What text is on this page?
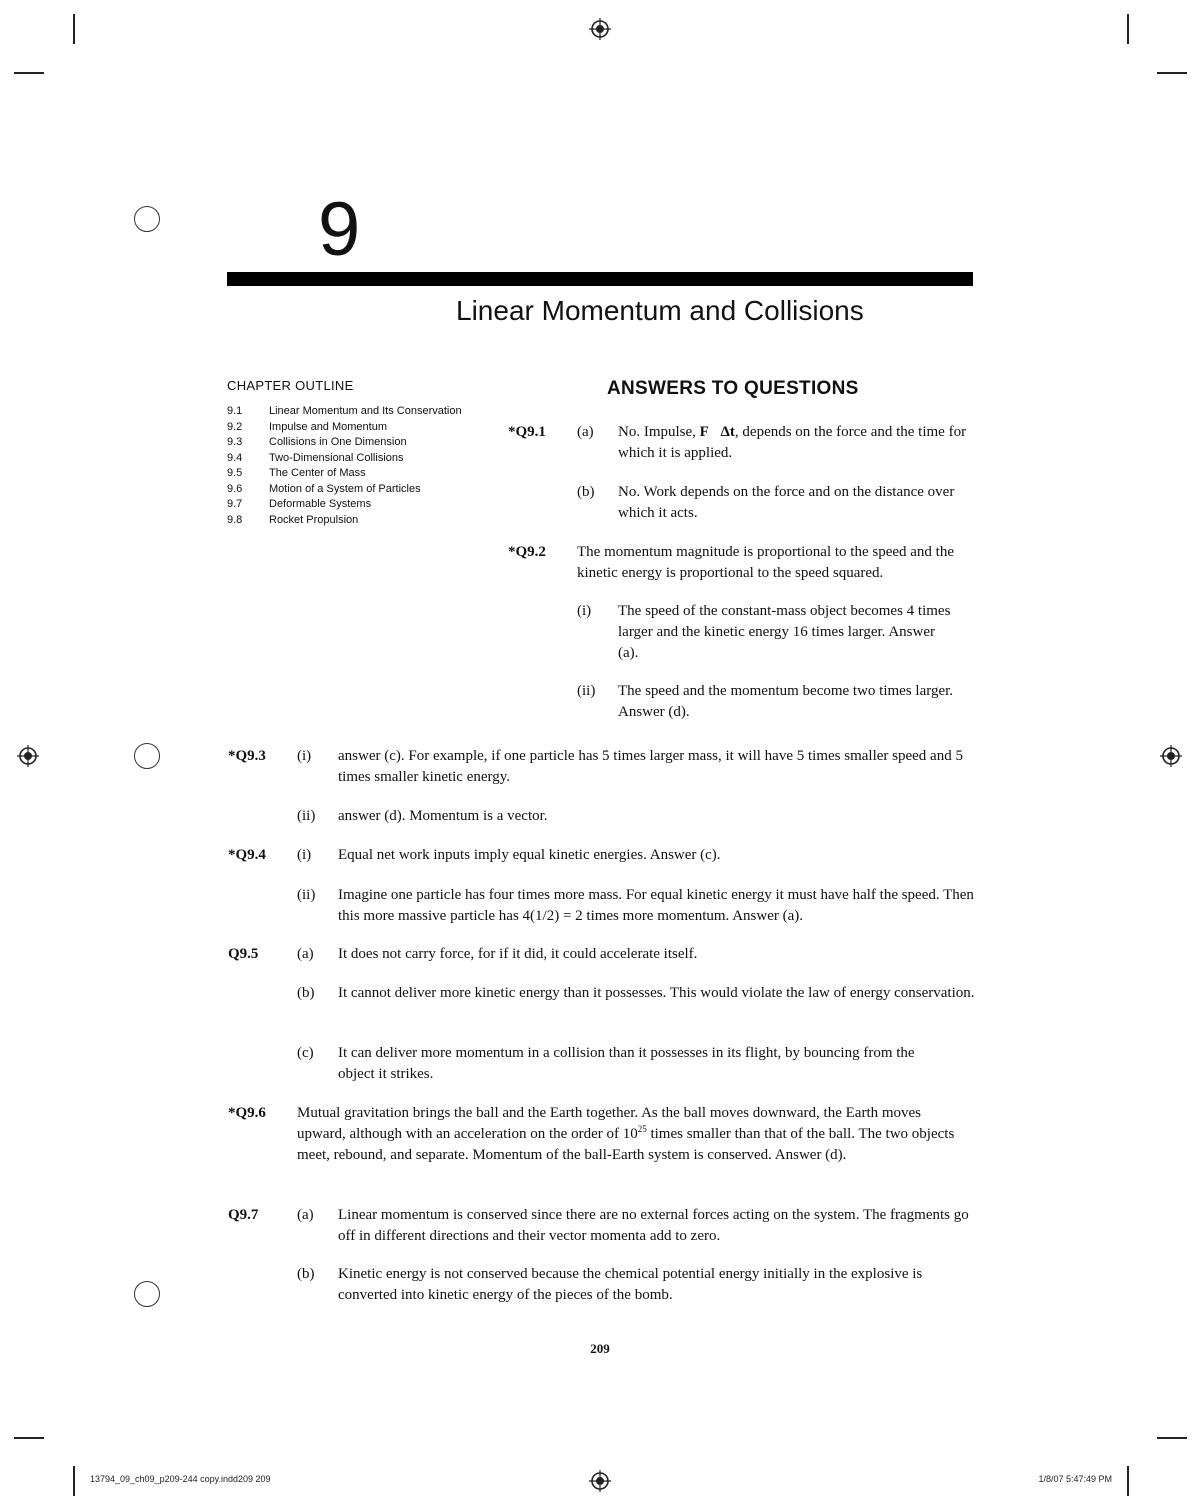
9
Linear Momentum and Collisions
CHAPTER OUTLINE
9.1	Linear Momentum and Its Conservation
9.2	Impulse and Momentum
9.3	Collisions in One Dimension
9.4	Two-Dimensional Collisions
9.5	The Center of Mass
9.6	Motion of a System of Particles
9.7	Deformable Systems
9.8	Rocket Propulsion
ANSWERS TO QUESTIONS
*Q9.1 (a) No. Impulse, F⃗Δt, depends on the force and the time for which it is applied.
(b) No. Work depends on the force and on the distance over which it acts.
*Q9.2 The momentum magnitude is proportional to the speed and the kinetic energy is proportional to the speed squared.
(i) The speed of the constant-mass object becomes 4 times larger and the kinetic energy 16 times larger. Answer (a).
(ii) The speed and the momentum become two times larger. Answer (d).
*Q9.3 (i) answer (c). For example, if one particle has 5 times larger mass, it will have 5 times smaller speed and 5 times smaller kinetic energy.
(ii) answer (d). Momentum is a vector.
*Q9.4 (i) Equal net work inputs imply equal kinetic energies. Answer (c).
(ii) Imagine one particle has four times more mass. For equal kinetic energy it must have half the speed. Then this more massive particle has 4(1/2) = 2 times more momentum. Answer (a).
Q9.5	(a) It does not carry force, for if it did, it could accelerate itself.
(b) It cannot deliver more kinetic energy than it possesses. This would violate the law of energy conservation.
(c) It can deliver more momentum in a collision than it possesses in its flight, by bouncing from the object it strikes.
*Q9.6 Mutual gravitation brings the ball and the Earth together. As the ball moves downward, the Earth moves upward, although with an acceleration on the order of $10^{25}$ times smaller than that of the ball. The two objects meet, rebound, and separate. Momentum of the ball-Earth system is conserved. Answer (d).
Q9.7	(a) Linear momentum is conserved since there are no external forces acting on the system. The fragments go off in different directions and their vector momenta add to zero.
(b) Kinetic energy is not conserved because the chemical potential energy initially in the explosive is converted into kinetic energy of the pieces of the bomb.
209
13794_09_ch09_p209-244 copy.indd209 209	1/8/07 5:47:49 PM
